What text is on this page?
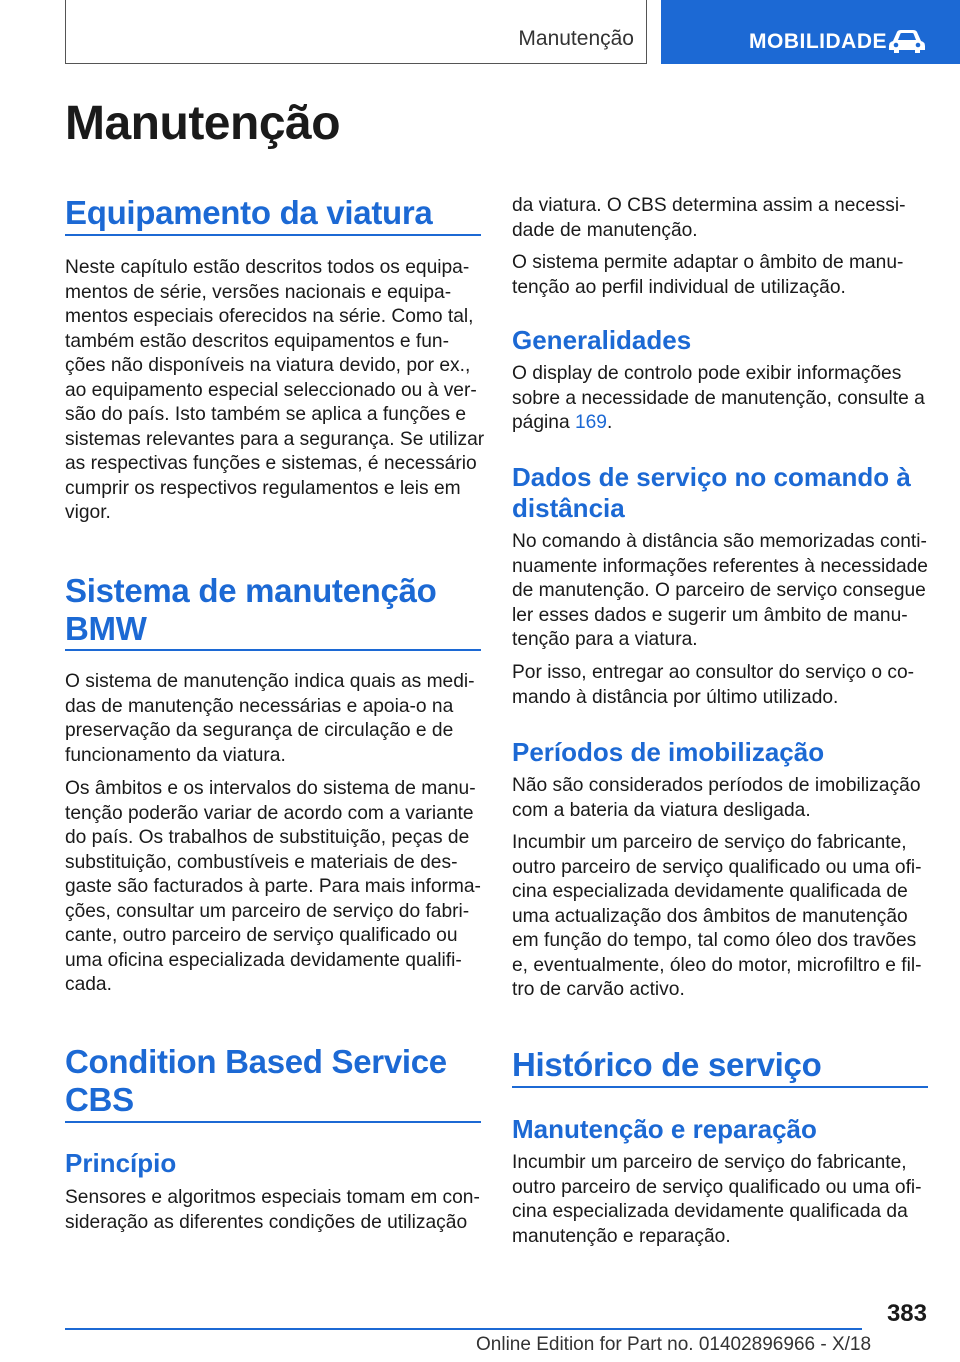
Manutenção	MOBILIDADE
Manutenção
Equipamento da viatura

Neste capítulo estão descritos todos os equipa-
mentos de série, versões nacionais e equipa-
mentos especiais oferecidos na série. Como tal,
também estão descritos equipamentos e fun-
ções não disponíveis na viatura devido, por ex.,
ao equipamento especial seleccionado ou à ver-
são do país. Isto também se aplica a funções e
sistemas relevantes para a segurança. Se utilizar
as respectivas funções e sistemas, é necessário
cumprir os respectivos regulamentos e leis em
vigor.

Sistema de manutenção
BMW

O sistema de manutenção indica quais as medi-
das de manutenção necessárias e apoia-o na
preservação da segurança de circulação e de
funcionamento da viatura.

Os âmbitos e os intervalos do sistema de manu-
tenção poderão variar de acordo com a variante
do país. Os trabalhos de substituição, peças de
substituição, combustíveis e materiais de des-
gaste são facturados à parte. Para mais informa-
ções, consultar um parceiro de serviço do fabri-
cante, outro parceiro de serviço qualificado ou
uma oficina especializada devidamente qualifi-
cada.

Condition Based Service
CBS
Princípio

Sensores e algoritmos especiais tomam em con-
sideração as diferentes condições de utilização

da viatura. O CBS determina assim a necessi-
dade de manutenção.

O sistema permite adaptar o âmbito de manu-
tenção ao perfil individual de utilização.

Generalidades

O display de controlo pode exibir informações
sobre a necessidade de manutenção, consulte a
página 169.

Dados de serviço no comando à
distância

No comando à distância são memorizadas conti-
nuamente informações referentes à necessidade
de manutenção. O parceiro de serviço consegue
ler esses dados e sugerir um âmbito de manu-
tenção para a viatura.

Por isso, entregar ao consultor do serviço o co-
mando à distância por último utilizado.

Períodos de imobilização

Não são considerados períodos de imobilização
com a bateria da viatura desligada.

Incumbir um parceiro de serviço do fabricante,
outro parceiro de serviço qualificado ou uma ofi-
cina especializada devidamente qualificada de
uma actualização dos âmbitos de manutenção
em função do tempo, tal como óleo dos travões
e, eventualmente, óleo do motor, microfiltro e fil-
tro de carvão activo.

Histórico de serviço
Manutenção e reparação

Incumbir um parceiro de serviço do fabricante,
outro parceiro de serviço qualificado ou uma ofi-
cina especializada devidamente qualificada da
manutenção e reparação.

383
Online Edition for Part no. 01402896966 - X/18
